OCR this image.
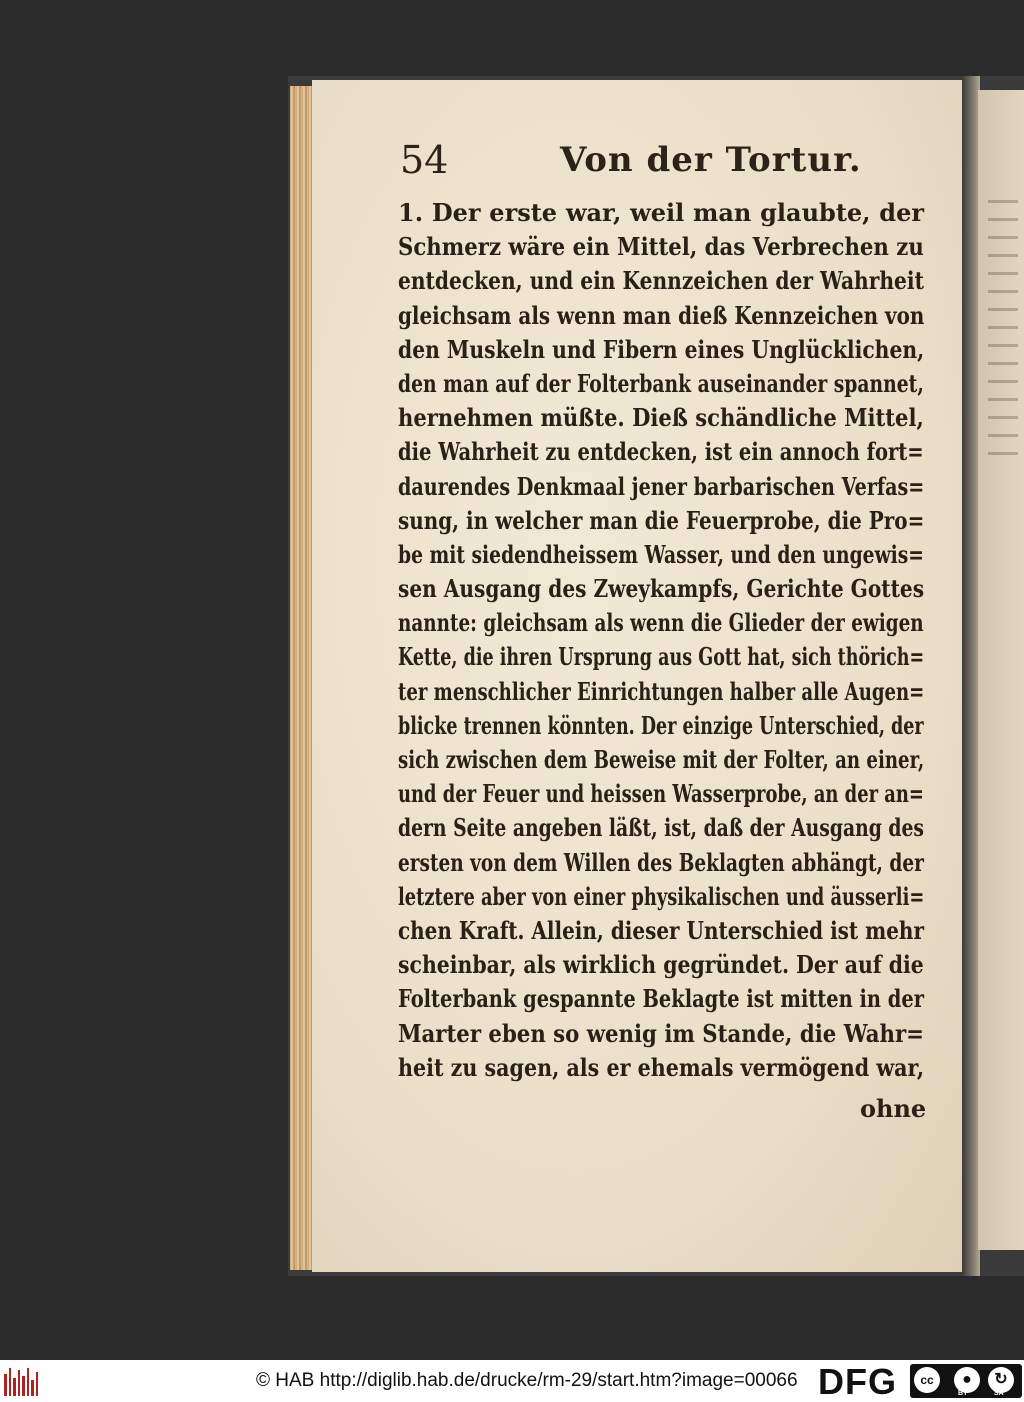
54	Von der Tortur.
1. Der erste war, weil man glaubte, der
Schmerz wäre ein Mittel, das Verbrechen zu
entdecken, und ein Kennzeichen der Wahrheit
gleichsam als wenn man dieß Kennzeichen von
den Muskeln und Fibern eines Unglücklichen,
den man auf der Folterbank auseinander spannet,
hernehmen müßte. Dieß schändliche Mittel,
die Wahrheit zu entdecken, ist ein annoch fort=
daurendes Denkmaal jener barbarischen Verfas=
sung, in welcher man die Feuerprobe, die Pro=
be mit siedendheissem Wasser, und den ungewis=
sen Ausgang des Zweykampfs, Gerichte Gottes
nannte: gleichsam als wenn die Glieder der ewigen
Kette, die ihren Ursprung aus Gott hat, sich thörich=
ter menschlicher Einrichtungen halber alle Augen=
blicke trennen könnten. Der einzige Unterschied, der
sich zwischen dem Beweise mit der Folter, an einer,
und der Feuer und heissen Wasserprobe, an der an=
dern Seite angeben läßt, ist, daß der Ausgang des
ersten von dem Willen des Beklagten abhängt, der
letztere aber von einer physikalischen und äusserli=
chen Kraft. Allein, dieser Unterschied ist mehr
scheinbar, als wirklich gegründet. Der auf die
Folterbank gespannte Beklagte ist mitten in der
Marter eben so wenig im Stande, die Wahr=
heit zu sagen, als er ehemals vermögend war,
ohne
© HAB http://diglib.hab.de/drucke/rm-29/start.htm?image=00066 DFG	cc	●	↻
BY	SA
